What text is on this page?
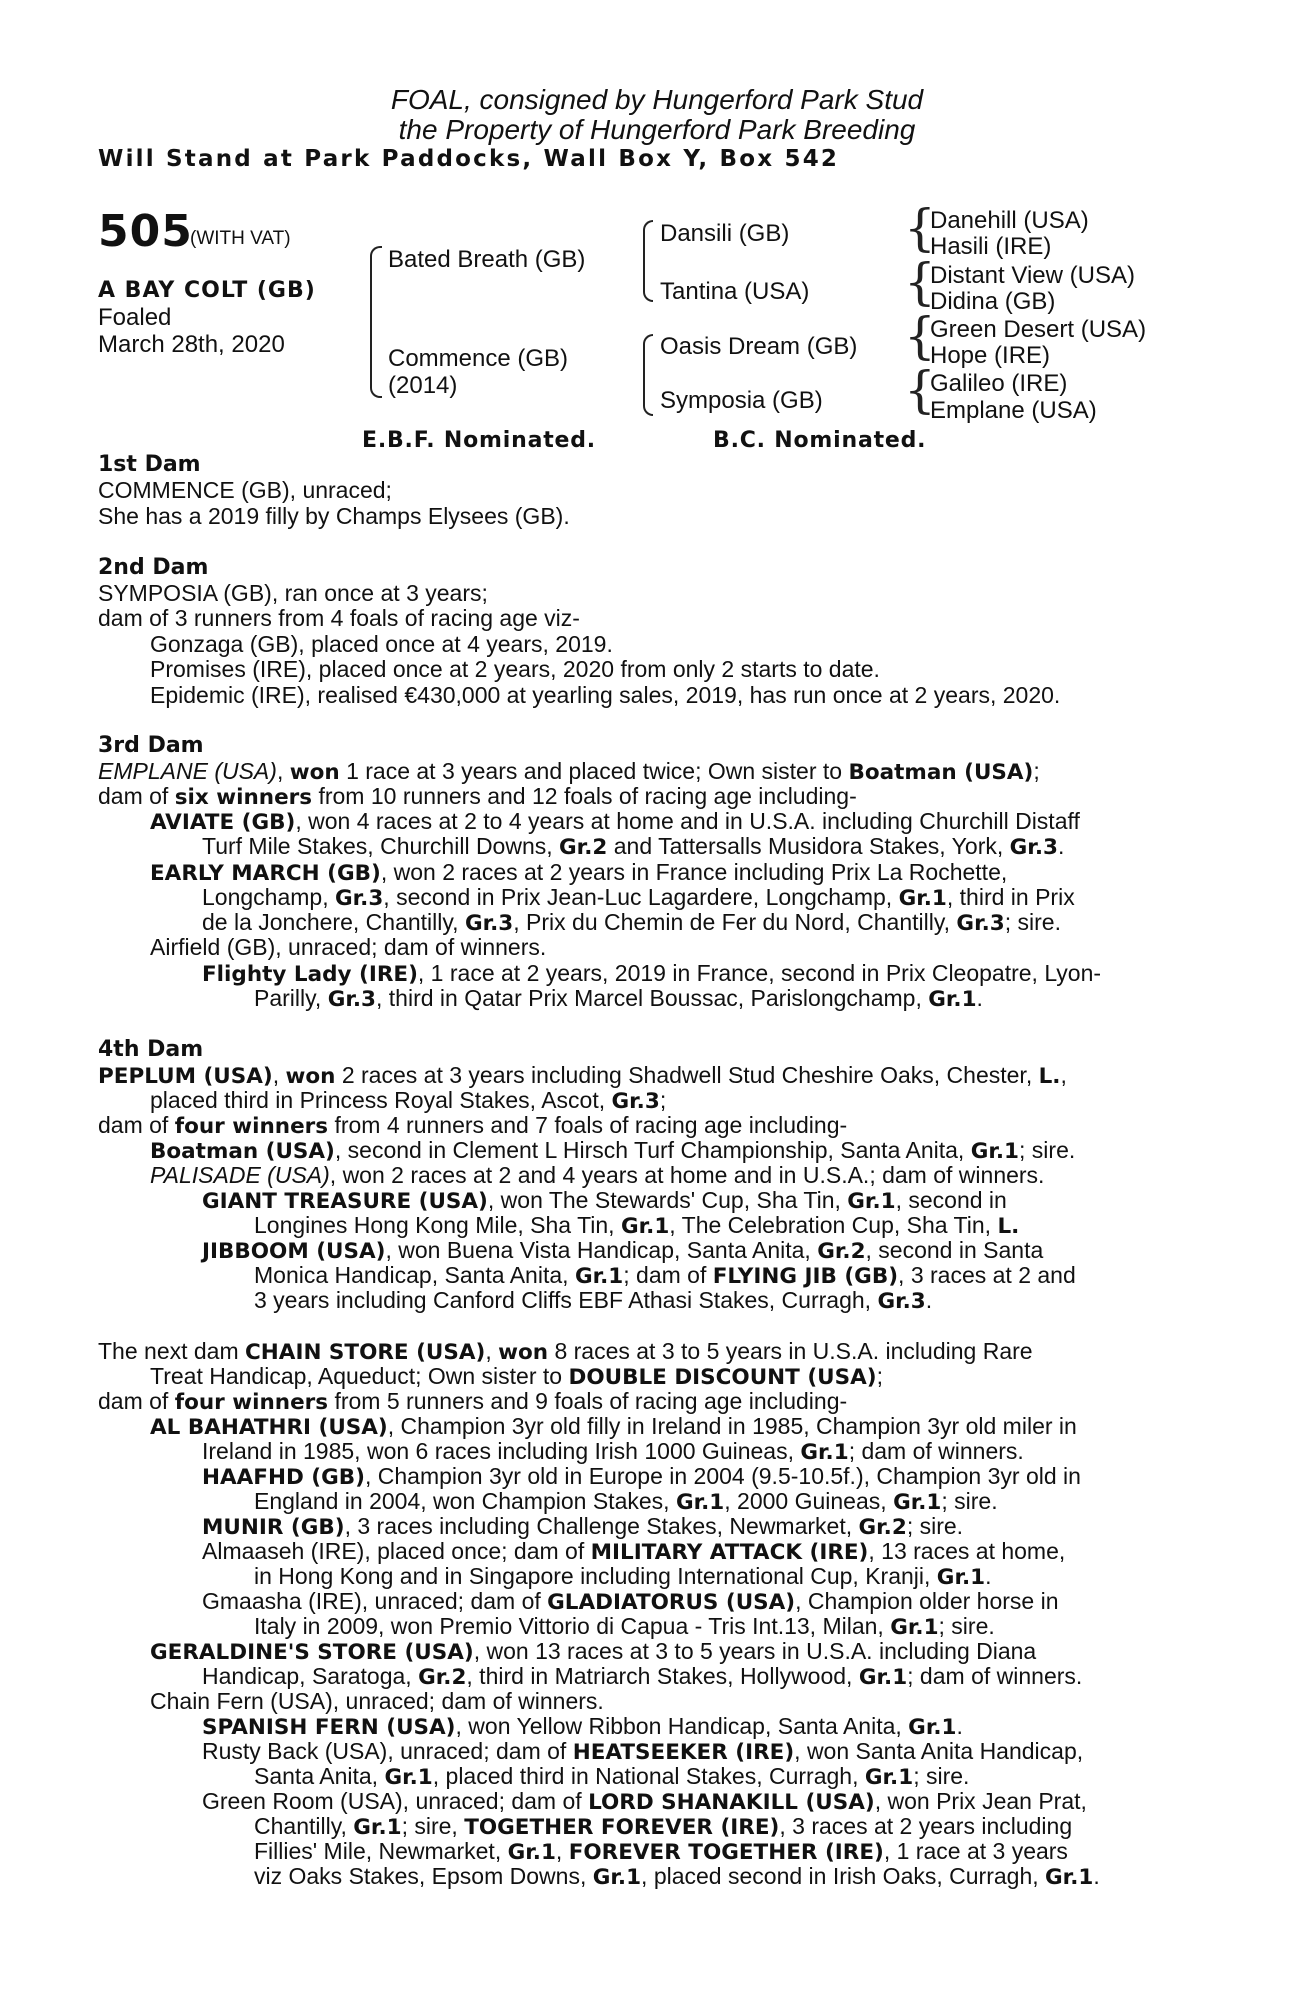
FOAL, consigned by Hungerford Park Stud
the Property of Hungerford Park Breeding
Will Stand at Park Paddocks, Wall Box Y, Box 542
505
(WITH VAT)
A BAY COLT (GB)
Foaled
March 28th, 2020
Bated Breath (GB)
Commence (GB)
(2014)
Dansili (GB)
Tantina (USA)
Oasis Dream (GB)
Symposia (GB)
{
{
{
{
Danehill (USA)
Hasili (IRE)
Distant View (USA)
Didina (GB)
Green Desert (USA)
Hope (IRE)
Galileo (IRE)
Emplane (USA)
E.B.F. Nominated.	B.C. Nominated.
1st Dam
COMMENCE (GB), unraced;
She has a 2019 filly by Champs Elysees (GB).
2nd Dam
SYMPOSIA (GB), ran once at 3 years;
dam of 3 runners from 4 foals of racing age viz-
Gonzaga (GB), placed once at 4 years, 2019.
Promises (IRE), placed once at 2 years, 2020 from only 2 starts to date.
Epidemic (IRE), realised €430,000 at yearling sales, 2019, has run once at 2 years, 2020.
3rd Dam
EMPLANE (USA), won 1 race at 3 years and placed twice; Own sister to Boatman (USA);
dam of six winners from 10 runners and 12 foals of racing age including-
AVIATE (GB), won 4 races at 2 to 4 years at home and in U.S.A. including Churchill Distaff
Turf Mile Stakes, Churchill Downs, Gr.2 and Tattersalls Musidora Stakes, York, Gr.3.
EARLY MARCH (GB), won 2 races at 2 years in France including Prix La Rochette,
Longchamp, Gr.3, second in Prix Jean-Luc Lagardere, Longchamp, Gr.1, third in Prix
de la Jonchere, Chantilly, Gr.3, Prix du Chemin de Fer du Nord, Chantilly, Gr.3; sire.
Airfield (GB), unraced; dam of winners.
Flighty Lady (IRE), 1 race at 2 years, 2019 in France, second in Prix Cleopatre, Lyon-
Parilly, Gr.3, third in Qatar Prix Marcel Boussac, Parislongchamp, Gr.1.
4th Dam
PEPLUM (USA), won 2 races at 3 years including Shadwell Stud Cheshire Oaks, Chester, L.,
placed third in Princess Royal Stakes, Ascot, Gr.3;
dam of four winners from 4 runners and 7 foals of racing age including-
Boatman (USA), second in Clement L Hirsch Turf Championship, Santa Anita, Gr.1; sire.
PALISADE (USA), won 2 races at 2 and 4 years at home and in U.S.A.; dam of winners.
GIANT TREASURE (USA), won The Stewards' Cup, Sha Tin, Gr.1, second in
Longines Hong Kong Mile, Sha Tin, Gr.1, The Celebration Cup, Sha Tin, L.
JIBBOOM (USA), won Buena Vista Handicap, Santa Anita, Gr.2, second in Santa
Monica Handicap, Santa Anita, Gr.1; dam of FLYING JIB (GB), 3 races at 2 and
3 years including Canford Cliffs EBF Athasi Stakes, Curragh, Gr.3.
The next dam CHAIN STORE (USA), won 8 races at 3 to 5 years in U.S.A. including Rare
Treat Handicap, Aqueduct; Own sister to DOUBLE DISCOUNT (USA);
dam of four winners from 5 runners and 9 foals of racing age including-
AL BAHATHRI (USA), Champion 3yr old filly in Ireland in 1985, Champion 3yr old miler in
Ireland in 1985, won 6 races including Irish 1000 Guineas, Gr.1; dam of winners.
HAAFHD (GB), Champion 3yr old in Europe in 2004 (9.5-10.5f.), Champion 3yr old in
England in 2004, won Champion Stakes, Gr.1, 2000 Guineas, Gr.1; sire.
MUNIR (GB), 3 races including Challenge Stakes, Newmarket, Gr.2; sire.
Almaaseh (IRE), placed once; dam of MILITARY ATTACK (IRE), 13 races at home,
in Hong Kong and in Singapore including International Cup, Kranji, Gr.1.
Gmaasha (IRE), unraced; dam of GLADIATORUS (USA), Champion older horse in
Italy in 2009, won Premio Vittorio di Capua - Tris Int.13, Milan, Gr.1; sire.
GERALDINE'S STORE (USA), won 13 races at 3 to 5 years in U.S.A. including Diana
Handicap, Saratoga, Gr.2, third in Matriarch Stakes, Hollywood, Gr.1; dam of winners.
Chain Fern (USA), unraced; dam of winners.
SPANISH FERN (USA), won Yellow Ribbon Handicap, Santa Anita, Gr.1.
Rusty Back (USA), unraced; dam of HEATSEEKER (IRE), won Santa Anita Handicap,
Santa Anita, Gr.1, placed third in National Stakes, Curragh, Gr.1; sire.
Green Room (USA), unraced; dam of LORD SHANAKILL (USA), won Prix Jean Prat,
Chantilly, Gr.1; sire, TOGETHER FOREVER (IRE), 3 races at 2 years including
Fillies' Mile, Newmarket, Gr.1, FOREVER TOGETHER (IRE), 1 race at 3 years
viz Oaks Stakes, Epsom Downs, Gr.1, placed second in Irish Oaks, Curragh, Gr.1.
